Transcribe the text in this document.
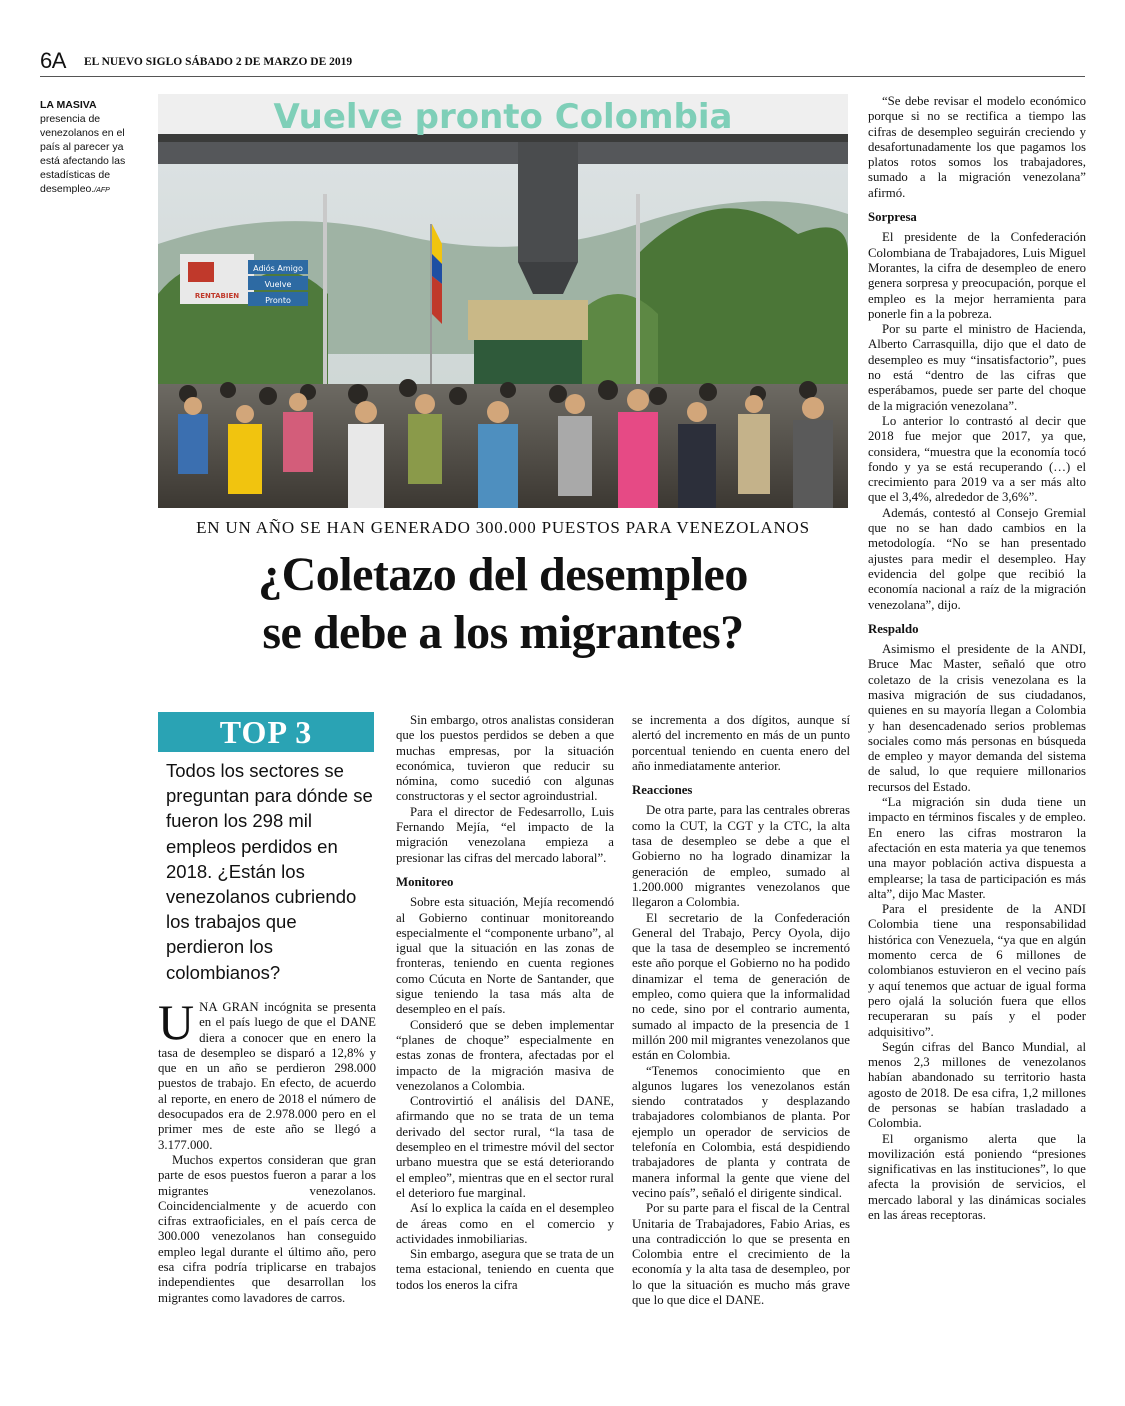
6A EL NUEVO SIGLO SÁBADO 2 DE MARZO DE 2019
LA MASIVA
presencia de venezolanos en el país al parecer ya está afectando las estadísticas de desempleo./AFP
Vuelve pronto Colombia
Adiós Amigo
Vuelve
Pronto
RENTABIEN
EN UN AÑO SE HAN GENERADO 300.000 PUESTOS PARA VENEZOLANOS
¿Coletazo del desempleo
se debe a los migrantes?
TOP 3
Todos los sectores se preguntan para dónde se fueron los 298 mil empleos perdidos en 2018. ¿Están los venezolanos cubriendo los trabajos que perdieron los colombianos?

UNA GRAN incógnita se presenta en el país luego de que el DANE diera a conocer que en enero la tasa de desempleo se disparó a 12,8% y que en un año se perdieron 298.000 puestos de trabajo. En efecto, de acuerdo al reporte, en enero de 2018 el número de desocupados era de 2.978.000 pero en el primer mes de este año se llegó a 3.177.000.

Muchos expertos consideran que gran parte de esos puestos fueron a parar a los migrantes venezolanos. Coincidencialmente y de acuerdo con cifras extraoficiales, en el país cerca de 300.000 venezolanos han conseguido empleo legal durante el último año, pero esa cifra podría triplicarse en trabajos independientes que desarrollan los migrantes como lavadores de carros.

Sin embargo, otros analistas consideran que los puestos perdidos se deben a que muchas empresas, por la situación económica, tuvieron que reducir su nómina, como sucedió con algunas constructoras y el sector agroindustrial.

Para el director de Fedesarrollo, Luis Fernando Mejía, “el impacto de la migración venezolana empieza a presionar las cifras del mercado laboral”.

Monitoreo

Sobre esta situación, Mejía recomendó al Gobierno continuar monitoreando especialmente el “componente urbano”, al igual que la situación en las zonas de fronteras, teniendo en cuenta regiones como Cúcuta en Norte de Santander, que sigue teniendo la tasa más alta de desempleo en el país.

Consideró que se deben implementar “planes de choque” especialmente en estas zonas de frontera, afectadas por el impacto de la migración masiva de venezolanos a Colombia.

Controvirtió el análisis del DANE, afirmando que no se trata de un tema derivado del sector rural, “la tasa de desempleo en el trimestre móvil del sector urbano muestra que se está deteriorando el empleo”, mientras que en el sector rural el deterioro fue marginal.

Así lo explica la caída en el desempleo de áreas como en el comercio y actividades inmobiliarias.

Sin embargo, asegura que se trata de un tema estacional, teniendo en cuenta que todos los eneros la cifra

se incrementa a dos dígitos, aunque sí alertó del incremento en más de un punto porcentual teniendo en cuenta enero del año inmediatamente anterior.

Reacciones

De otra parte, para las centrales obreras como la CUT, la CGT y la CTC, la alta tasa de desempleo se debe a que el Gobierno no ha logrado dinamizar la generación de empleo, sumado al 1.200.000 migrantes venezolanos que llegaron a Colombia.

El secretario de la Confederación General del Trabajo, Percy Oyola, dijo que la tasa de desempleo se incrementó este año porque el Gobierno no ha podido dinamizar el tema de generación de empleo, como quiera que la informalidad no cede, sino por el contrario aumenta, sumado al impacto de la presencia de 1 millón 200 mil migrantes venezolanos que están en Colombia.

“Tenemos conocimiento que en algunos lugares los venezolanos están siendo contratados y desplazando trabajadores colombianos de planta. Por ejemplo un operador de servicios de telefonía en Colombia, está despidiendo trabajadores de planta y contrata de manera informal la gente que viene del vecino país”, señaló el dirigente sindical.

Por su parte para el fiscal de la Central Unitaria de Trabajadores, Fabio Arias, es una contradicción lo que se presenta en Colombia entre el crecimiento de la economía y la alta tasa de desempleo, por lo que la situación es mucho más grave que lo que dice el DANE.

“Se debe revisar el modelo económico porque si no se rectifica a tiempo las cifras de desempleo seguirán creciendo y desafortunadamente los que pagamos los platos rotos somos los trabajadores, sumado a la migración venezolana” afirmó.

Sorpresa

El presidente de la Confederación Colombiana de Trabajadores, Luis Miguel Morantes, la cifra de desempleo de enero genera sorpresa y preocupación, porque el empleo es la mejor herramienta para ponerle fin a la pobreza.

Por su parte el ministro de Hacienda, Alberto Carrasquilla, dijo que el dato de desempleo es muy “insatisfactorio”, pues no está “dentro de las cifras que esperábamos, puede ser parte del choque de la migración venezolana”.

Lo anterior lo contrastó al decir que 2018 fue mejor que 2017, ya que, considera, “muestra que la economía tocó fondo y ya se está recuperando (…) el crecimiento para 2019 va a ser más alto que el 3,4%, alrededor de 3,6%”.

Además, contestó al Consejo Gremial que no se han dado cambios en la metodología. “No se han presentado ajustes para medir el desempleo. Hay evidencia del golpe que recibió la economía nacional a raíz de la migración venezolana”, dijo.

Respaldo

Asimismo el presidente de la ANDI, Bruce Mac Master, señaló que otro coletazo de la crisis venezolana es la masiva migración de sus ciudadanos, quienes en su mayoría llegan a Colombia y han desencadenado serios problemas sociales como más personas en búsqueda de empleo y mayor demanda del sistema de salud, lo que requiere millonarios recursos del Estado.

“La migración sin duda tiene un impacto en términos fiscales y de empleo. En enero las cifras mostraron la afectación en esta materia ya que tenemos una mayor población activa dispuesta a emplearse; la tasa de participación es más alta”, dijo Mac Master.

Para el presidente de la ANDI Colombia tiene una responsabilidad histórica con Venezuela, “ya que en algún momento cerca de 6 millones de colombianos estuvieron en el vecino país y aquí tenemos que actuar de igual forma pero ojalá la solución fuera que ellos recuperaran su país y el poder adquisitivo”.

Según cifras del Banco Mundial, al menos 2,3 millones de venezolanos habían abandonado su territorio hasta agosto de 2018. De esa cifra, 1,2 millones de personas se habían trasladado a Colombia.

El organismo alerta que la movilización está poniendo “presiones significativas en las instituciones”, lo que afecta la provisión de servicios, el mercado laboral y las dinámicas sociales en las áreas receptoras.
